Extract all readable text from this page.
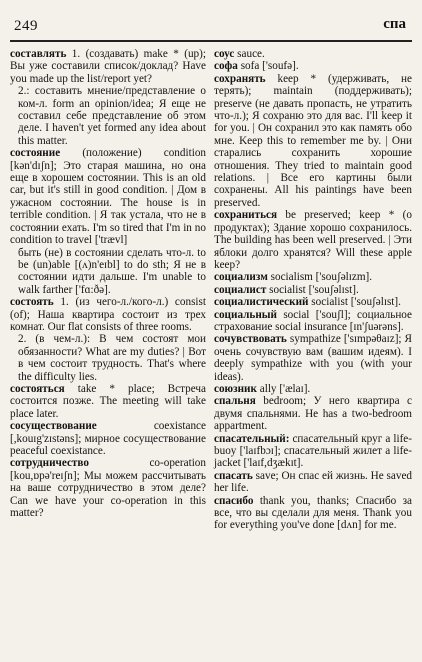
249	спа

составлять 1. (создавать) make * (up); Вы уже составили список/доклад? Have you made up the list/report yet?

2.: составить мнение/представление о ком-л. form an opinion/idea; Я еще не составил себе представление об этом деле. I haven't yet formed any idea about this matter.

состояние (положение) condition [kən'dɪʃn]; Это старая машина, но она еще в хорошем состоянии. This is an old car, but it's still in good condition. | Дом в ужасном состоянии. The house is in terrible condition. | Я так устала, что не в состоянии ехать. I'm so tired that I'm in no condition to travel ['trævl]

быть (не) в состоянии сделать что-л. to be (un)able [(ʌ)n'eɪbl] to do sth; Я не в состоянии идти дальше. I'm unable to walk farther ['fɑ:ðə].

состоять 1. (из чего-л./кого-л.) consist (of); Наша квартира состоит из трех комнат. Our flat consists of three rooms.

2. (в чем-л.): В чем состоят мои обязанности? What are my duties? | Вот в чем состоит трудность. That's where the difficulty lies.

состояться take * place; Встреча состоится позже. The meeting will take place later.

сосуществование	coexistance [,kouɪg'zɪstəns]; мирное сосуществование peaceful coexistance.

сотрудничество	co-operation [kou,ɒpə'reɪʃn]; Мы можем рассчитывать на ваше сотрудничество в этом деле? Can we have your co-operation in this matter?

соус sauce.

софа sofa ['soufə].

сохранять keep * (удерживать, не терять); maintain (поддерживать); preserve (не давать пропасть, не утратить что-л.); Я сохраню это для вас. I'll keep it for you. | Он сохранил это как память обо мне. Keep this to remember me by. | Они старались сохранить хорошие отношения. They tried to maintain good relations. | Все его картины были сохранены. All his paintings have been preserved.

сохраниться be preserved; keep * (о продуктах); Здание хорошо сохранилось. The building has been well preserved. | Эти яблоки долго хранятся? Will these apple keep?

социализм socialism ['souʃəlɪzm].

социалист socialist ['souʃəlɪst].

социалистический socialist ['souʃəlɪst].

социальный social ['souʃl]; социальное страхование social insurance [ɪn'ʃuərəns].

сочувствовать sympathize ['sɪmpəθaɪz]; Я очень сочувствую вам (вашим идеям). I deeply sympathize with you (with your ideas).

союзник ally ['ælaɪ].

спальня bedroom; У него квартира с двумя спальнями. He has a two-bedroom appartment.

спасательный: спасательный круг a life-buoy ['laɪfbɔɪ]; спасательный жилет a life-jacket ['laɪf,dʒækɪt].

спасать save; Он спас ей жизнь. He saved her life.

спасибо thank you, thanks; Спасибо за все, что вы сделали для меня. Thank you for everything you've done [dʌn] for me.
